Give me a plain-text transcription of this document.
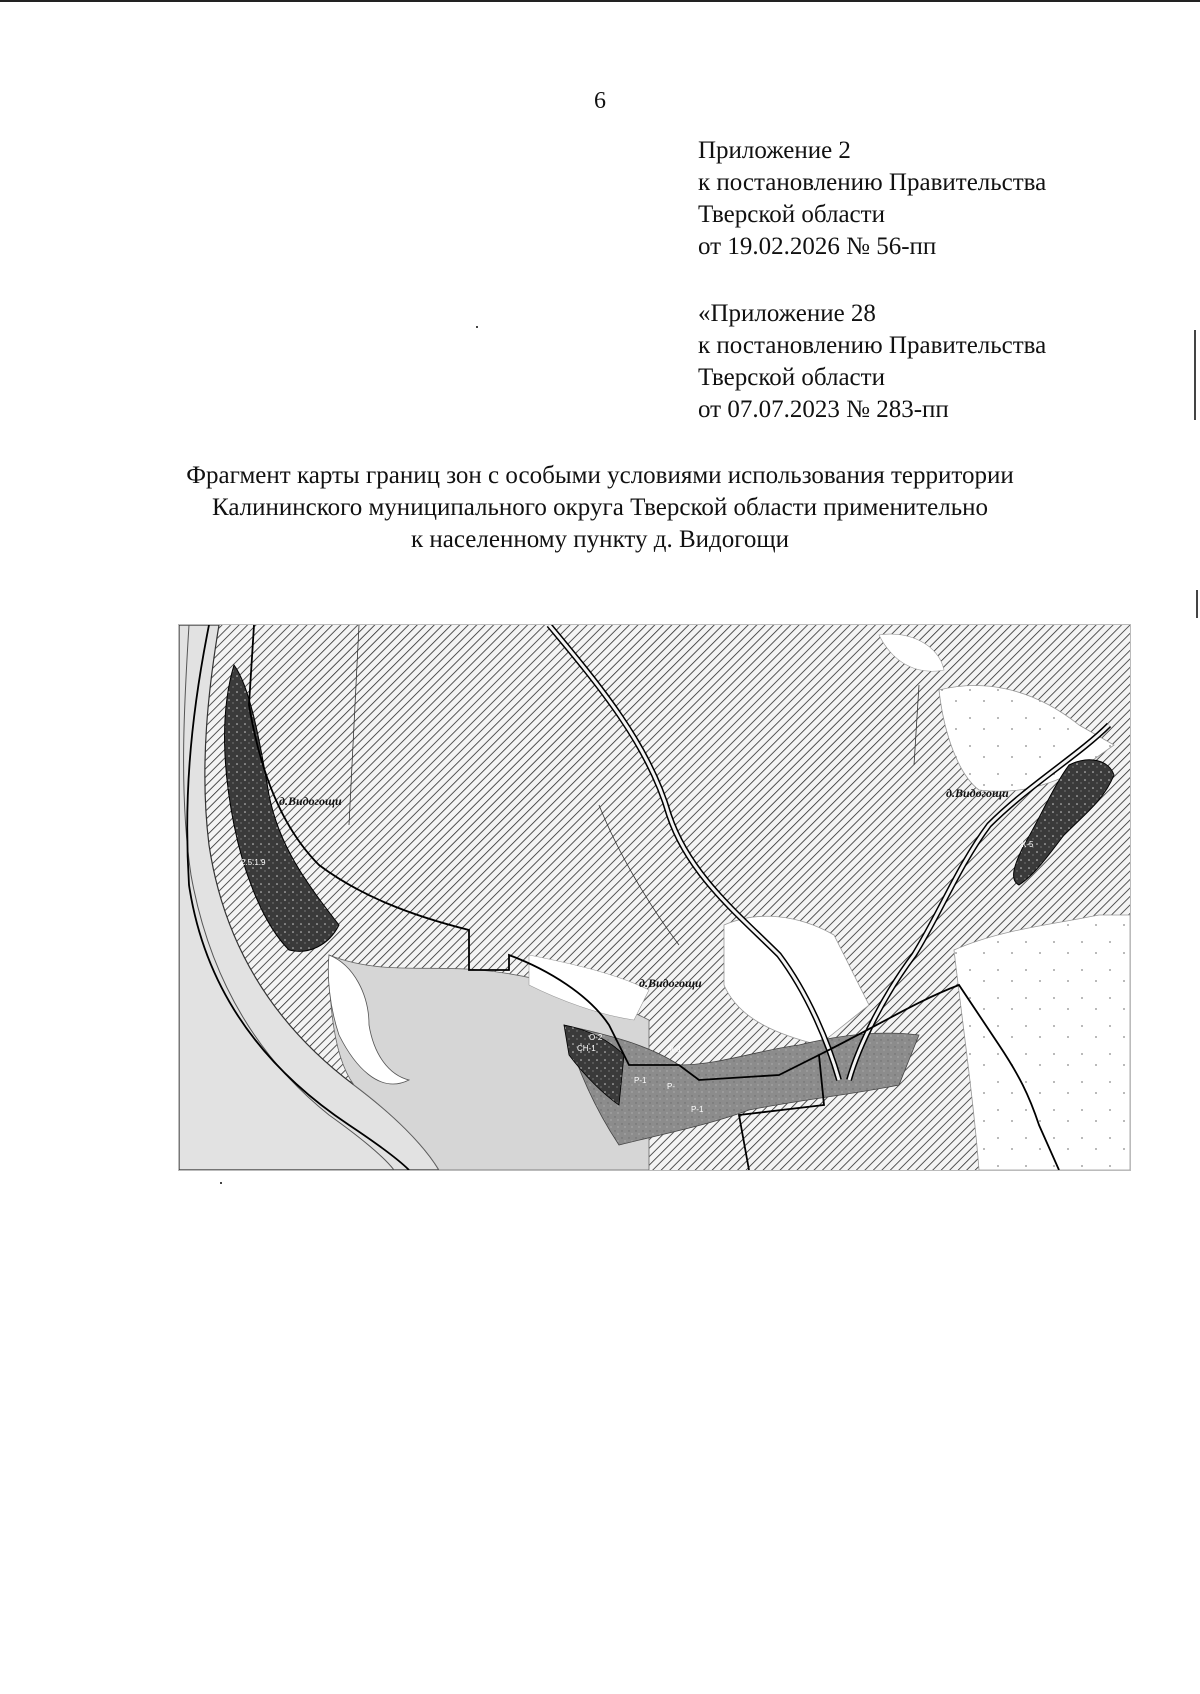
6
Приложение 2
к постановлению Правительства
Тверской области
от 19.02.2026 № 56-пп
«Приложение 28
к постановлению Правительства
Тверской области
от 07.07.2023 № 283-пп
Фрагмент карты границ зон с особыми условиями использования территории
Калининского муниципального округа Тверской области применительно
к населенному пункту д. Видогощи
д.Видогощи
д.Видогощи
д.Видогощи
2.5.1.9
О-2
СН-1	Ж-1
Р-1
Р-
Р-1
Ж-5
